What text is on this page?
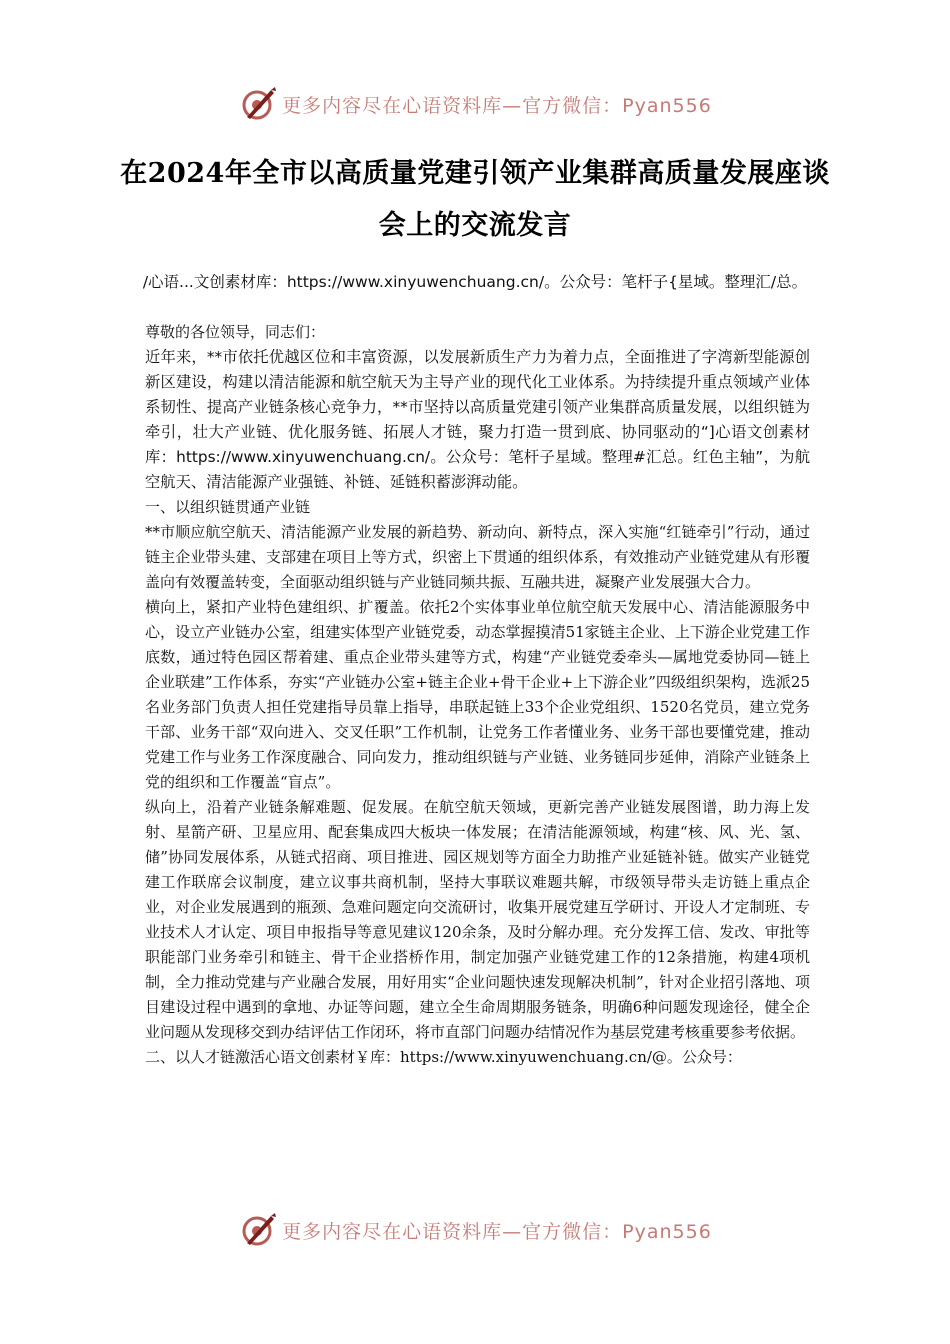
更多内容尽在心语资料库—官方微信：Pyan556
在2024年全市以高质量党建引领产业集群高质量发展座谈会上的交流发言
/心语...文创素材库：https://www.xinyuwenchuang.cn/。公众号：笔杆子{星域。整理汇/总。

尊敬的各位领导，同志们：

近年来，**市依托优越区位和丰富资源，以发展新质生产力为着力点，全面推进了字湾新型能源创新区建设，构建以清洁能源和航空航天为主导产业的现代化工业体系。为持续提升重点领域产业体系韧性、提高产业链条核心竞争力，**市坚持以高质量党建引领产业集群高质量发展，以组织链为牵引，壮大产业链、优化服务链、拓展人才链，聚力打造一贯到底、协同驱动的“]心语文创素材库：https://www.xinyuwenchuang.cn/。公众号：笔杆子星域。整理#汇总。红色主轴”，为航空航天、清洁能源产业强链、补链、延链积蓄澎湃动能。

一、以组织链贯通产业链

**市顺应航空航天、清洁能源产业发展的新趋势、新动向、新特点，深入实施“红链牵引”行动，通过链主企业带头建、支部建在项目上等方式，织密上下贯通的组织体系，有效推动产业链党建从有形覆盖向有效覆盖转变，全面驱动组织链与产业链同频共振、互融共进，凝聚产业发展强大合力。

横向上，紧扣产业特色建组织、扩覆盖。依托2个实体事业单位航空航天发展中心、清洁能源服务中心，设立产业链办公室，组建实体型产业链党委，动态掌握摸清51家链主企业、上下游企业党建工作底数，通过特色园区帮着建、重点企业带头建等方式，构建“产业链党委牵头—属地党委协同—链上企业联建”工作体系，夯实“产业链办公室+链主企业+骨干企业+上下游企业”四级组织架构，选派25名业务部门负责人担任党建指导员靠上指导，串联起链上33个企业党组织、1520名党员，建立党务干部、业务干部“双向进入、交叉任职”工作机制，让党务工作者懂业务、业务干部也要懂党建，推动党建工作与业务工作深度融合、同向发力，推动组织链与产业链、业务链同步延伸，消除产业链条上党的组织和工作覆盖“盲点”。

纵向上，沿着产业链条解难题、促发展。在航空航天领域，更新完善产业链发展图谱，助力海上发射、星箭产研、卫星应用、配套集成四大板块一体发展；在清洁能源领域，构建“核、风、光、氢、储”协同发展体系，从链式招商、项目推进、园区规划等方面全力助推产业延链补链。做实产业链党建工作联席会议制度，建立议事共商机制，坚持大事联议难题共解，市级领导带头走访链上重点企业，对企业发展遇到的瓶颈、急难问题定向交流研讨，收集开展党建互学研讨、开设人才定制班、专业技术人才认定、项目申报指导等意见建议120余条，及时分解办理。充分发挥工信、发改、审批等职能部门业务牵引和链主、骨干企业搭桥作用，制定加强产业链党建工作的12条措施，构建4项机制，全力推动党建与产业融合发展，用好用实“企业问题快速发现解决机制”，针对企业招引落地、项目建设过程中遇到的拿地、办证等问题，建立全生命周期服务链条，明确6种问题发现途径，健全企业问题从发现移交到办结评估工作闭环，将市直部门问题办结情况作为基层党建考核重要参考依据。

二、以人才链激活心语文创素材￥库：https://www.xinyuwenchuang.cn/@。公众号：

更多内容尽在心语资料库—官方微信：Pyan556
